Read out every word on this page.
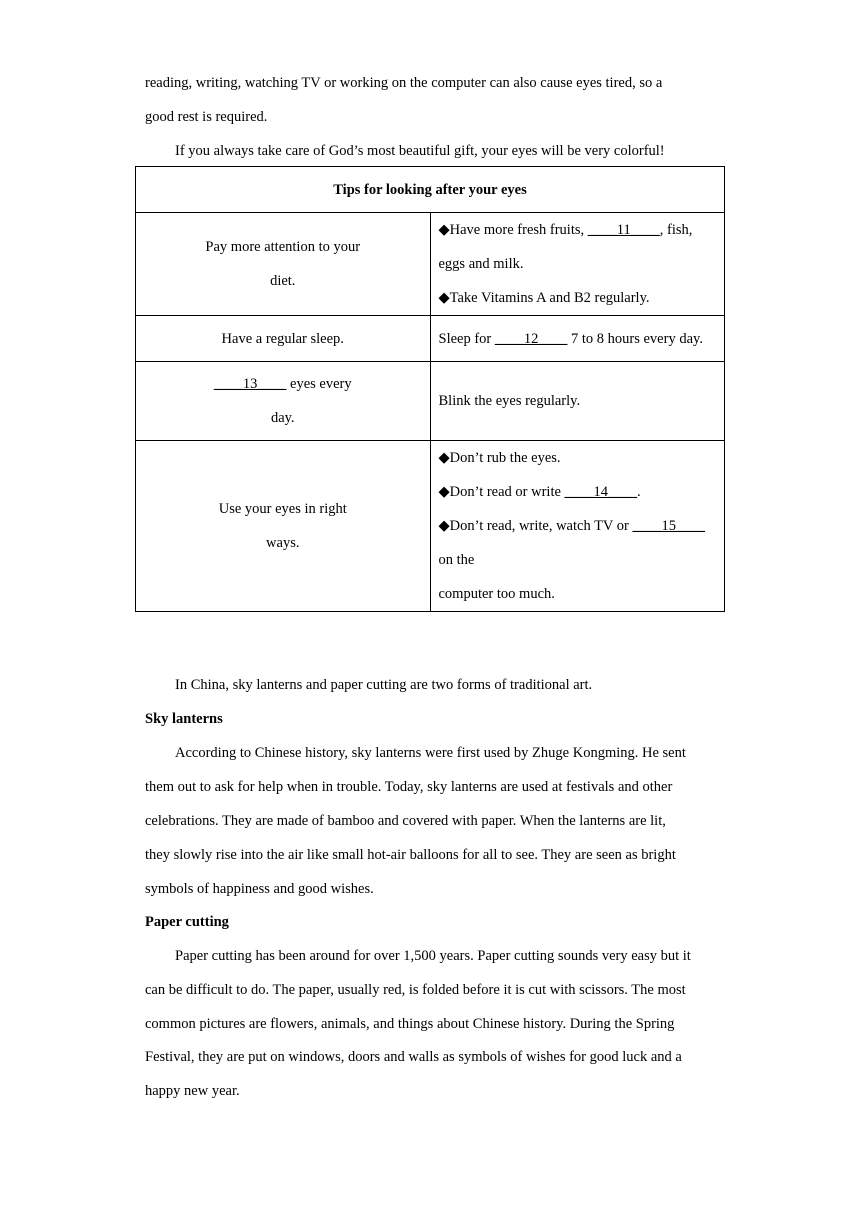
reading, writing, watching TV or working on the computer can also cause eyes tired, so a
good rest is required.
If you always take care of God’s most beautiful gift, your eyes will be very colorful!
Tips for looking after your eyes	

Pay more attention to your
diet.	◆Have more fresh fruits, ____11____, fish, eggs and milk.
◆Take Vitamins A and B2 regularly.

Have a regular sleep.	Sleep for ____12____ 7 to 8 hours every day.

____13____ eyes every
day.	Blink the eyes regularly.

Use your eyes in right
ways.	◆Don’t rub the eyes.
◆Don’t read or write ____14____.
◆Don’t read, write, watch TV or ____15____ on the
computer too much.
In China, sky lanterns and paper cutting are two forms of traditional art.
Sky lanterns
According to Chinese history, sky lanterns were first used by Zhuge Kongming. He sent
them out to ask for help when in trouble. Today, sky lanterns are used at festivals and other
celebrations. They are made of bamboo and covered with paper. When the lanterns are lit,
they slowly rise into the air like small hot-air balloons for all to see. They are seen as bright
symbols of happiness and good wishes.
Paper cutting
Paper cutting has been around for over 1,500 years. Paper cutting sounds very easy but it
can be difficult to do. The paper, usually red, is folded before it is cut with scissors. The most
common pictures are flowers, animals, and things about Chinese history. During the Spring
Festival, they are put on windows, doors and walls as symbols of wishes for good luck and a
happy new year.
